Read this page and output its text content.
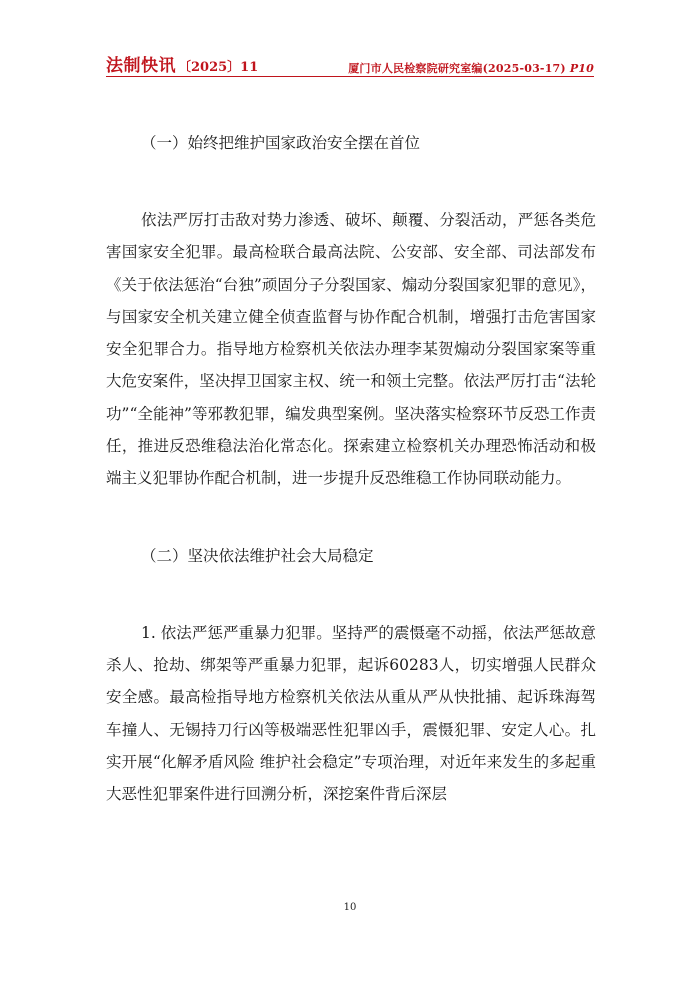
法制快讯 〔2025〕11	厦门市人民检察院研究室编(2025-03-17) P10

（一）始终把维护国家政治安全摆在首位

依法严厉打击敌对势力渗透、破坏、颠覆、分裂活动，严惩各类危害国家安全犯罪。最高检联合最高法院、公安部、安全部、司法部发布《关于依法惩治“台独”顽固分子分裂国家、煽动分裂国家犯罪的意见》，与国家安全机关建立健全侦查监督与协作配合机制，增强打击危害国家安全犯罪合力。指导地方检察机关依法办理李某贺煽动分裂国家案等重大危安案件，坚决捍卫国家主权、统一和领土完整。依法严厉打击“法轮功”“全能神”等邪教犯罪，编发典型案例。坚决落实检察环节反恐工作责任，推进反恐维稳法治化常态化。探索建立检察机关办理恐怖活动和极端主义犯罪协作配合机制，进一步提升反恐维稳工作协同联动能力。

（二）坚决依法维护社会大局稳定

1. 依法严惩严重暴力犯罪。坚持严的震慑毫不动摇，依法严惩故意杀人、抢劫、绑架等严重暴力犯罪，起诉60283人，切实增强人民群众安全感。最高检指导地方检察机关依法从重从严从快批捕、起诉珠海驾车撞人、无锡持刀行凶等极端恶性犯罪凶手，震慑犯罪、安定人心。扎实开展“化解矛盾风险 维护社会稳定”专项治理，对近年来发生的多起重大恶性犯罪案件进行回溯分析，深挖案件背后深层

10
